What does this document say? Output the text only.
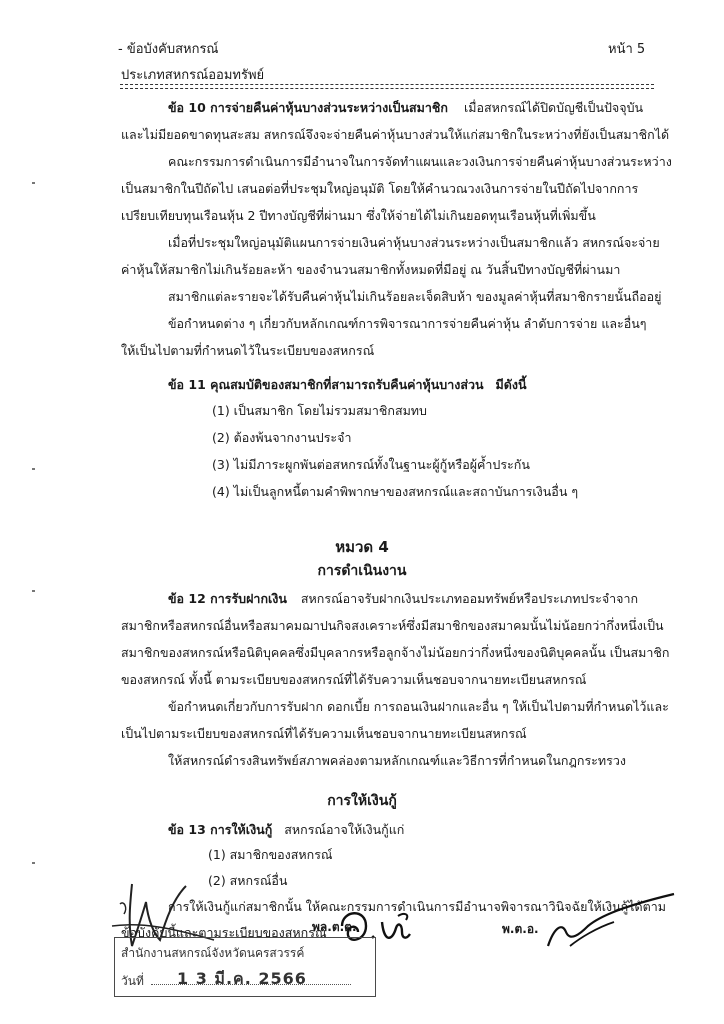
- ข้อบังคับสหกรณ์	หน้า 5
ประเภทสหกรณ์ออมทรัพย์
ข้อ 10 การจ่ายคืนค่าหุ้นบางส่วนระหว่างเป็นสมาชิก เมื่อสหกรณ์ได้ปิดบัญชีเป็นปัจจุบัน
และไม่มียอดขาดทุนสะสม สหกรณ์จึงจะจ่ายคืนค่าหุ้นบางส่วนให้แก่สมาชิกในระหว่างที่ยังเป็นสมาชิกได้
คณะกรรมการดำเนินการมีอำนาจในการจัดทำแผนและวงเงินการจ่ายคืนค่าหุ้นบางส่วนระหว่าง
เป็นสมาชิกในปีถัดไป เสนอต่อที่ประชุมใหญ่อนุมัติ โดยให้คำนวณวงเงินการจ่ายในปีถัดไปจากการ
เปรียบเทียบทุนเรือนหุ้น 2 ปีทางบัญชีที่ผ่านมา ซึ่งให้จ่ายได้ไม่เกินยอดทุนเรือนหุ้นที่เพิ่มขึ้น
เมื่อที่ประชุมใหญ่อนุมัติแผนการจ่ายเงินค่าหุ้นบางส่วนระหว่างเป็นสมาชิกแล้ว สหกรณ์จะจ่าย
ค่าหุ้นให้สมาชิกไม่เกินร้อยละห้า ของจำนวนสมาชิกทั้งหมดที่มีอยู่ ณ วันสิ้นปีทางบัญชีที่ผ่านมา
สมาชิกแต่ละรายจะได้รับคืนค่าหุ้นไม่เกินร้อยละเจ็ดสิบห้า ของมูลค่าหุ้นที่สมาชิกรายนั้นถืออยู่
ข้อกำหนดต่าง ๆ เกี่ยวกับหลักเกณฑ์การพิจารณาการจ่ายคืนค่าหุ้น ลำดับการจ่าย และอื่นๆ
ให้เป็นไปตามที่กำหนดไว้ในระเบียบของสหกรณ์
ข้อ 11 คุณสมบัติของสมาชิกที่สามารถรับคืนค่าหุ้นบางส่วน มีดังนี้
(1) เป็นสมาชิก โดยไม่รวมสมาชิกสมทบ
(2) ต้องพ้นจากงานประจำ
(3) ไม่มีภาระผูกพันต่อสหกรณ์ทั้งในฐานะผู้กู้หรือผู้ค้ำประกัน
(4) ไม่เป็นลูกหนี้ตามคำพิพากษาของสหกรณ์และสถาบันการเงินอื่น ๆ
หมวด 4
การดำเนินงาน
ข้อ 12 การรับฝากเงิน สหกรณ์อาจรับฝากเงินประเภทออมทรัพย์หรือประเภทประจำจาก
สมาชิกหรือสหกรณ์อื่นหรือสมาคมฌาปนกิจสงเคราะห์ซึ่งมีสมาชิกของสมาคมนั้นไม่น้อยกว่ากึ่งหนึ่งเป็น
สมาชิกของสหกรณ์หรือนิติบุคคลซึ่งมีบุคลากรหรือลูกจ้างไม่น้อยกว่ากึ่งหนึ่งของนิติบุคคลนั้น เป็นสมาชิก
ของสหกรณ์ ทั้งนี้ ตามระเบียบของสหกรณ์ที่ได้รับความเห็นชอบจากนายทะเบียนสหกรณ์
ข้อกำหนดเกี่ยวกับการรับฝาก ดอกเบี้ย การถอนเงินฝากและอื่น ๆ ให้เป็นไปตามที่กำหนดไว้และ
เป็นไปตามระเบียบของสหกรณ์ที่ได้รับความเห็นชอบจากนายทะเบียนสหกรณ์
ให้สหกรณ์ดำรงสินทรัพย์สภาพคล่องตามหลักเกณฑ์และวิธีการที่กำหนดในกฎกระทรวง
การให้เงินกู้
ข้อ 13 การให้เงินกู้ สหกรณ์อาจให้เงินกู้แก่
(1) สมาชิกของสหกรณ์
(2) สหกรณ์อื่น
การให้เงินกู้แก่สมาชิกนั้น ให้คณะกรรมการดำเนินการมีอำนาจพิจารณาวินิจฉัยให้เงินกู้ได้ตาม
ข้อบังคับนี้และตามระเบียบของสหกรณ์
พล.ต.ต.	พ.ต.อ.
สำนักงานสหกรณ์จังหวัดนครสวรรค์
วันที่ 1 3 มี.ค. 2566
